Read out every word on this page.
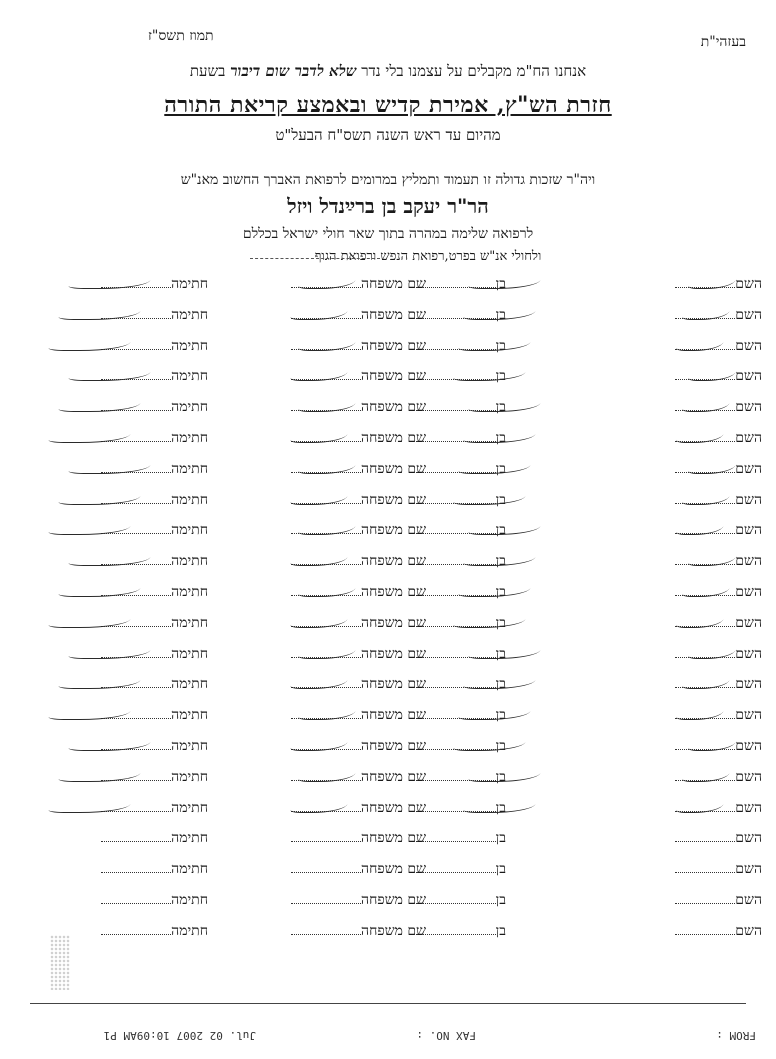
תמוז תשס"ז	בעזהי"ת
אנחנו הח"מ מקבלים על עצמנו בלי נדר שלא לדבר שום דיבור בשעת
חזרת הש"ץ, אמירת קדיש ובאמצע קריאת התורה
מהיום עד ראש השנה תשס"ח הבעל"ט
ויה"ר שזכות גדולה זו תעמוד ותמליץ במרומים לרפואת האברך החשוב מאנ"ש
הר"ר יעקב בן ברײַנדל ויזל
לרפואה שלימה במהרה בתוך שאר חולי ישראל בכללם
ולחולי אנ"ש בפרט,רפואת הנפש ורפואת הגוף
השם
בן
שם משפחה
חתימה
השם
בן
שם משפחה
חתימה
השם
בן
שם משפחה
חתימה
השם
בן
שם משפחה
חתימה
השם
בן
שם משפחה
חתימה
השם
בן
שם משפחה
חתימה
השם
בן
שם משפחה
חתימה
השם
בן
שם משפחה
חתימה
השם
בן
שם משפחה
חתימה
השם
בן
שם משפחה
חתימה
השם
בן
שם משפחה
חתימה
השם
בן
שם משפחה
חתימה
השם
בן
שם משפחה
חתימה
השם
בן
שם משפחה
חתימה
השם
בן
שם משפחה
חתימה
השם
בן
שם משפחה
חתימה
השם
בן
שם משפחה
חתימה
השם
בן
שם משפחה
חתימה
השם
בן
שם משפחה
חתימה
השם
בן
שם משפחה
חתימה
השם
בן
שם משפחה
חתימה
השם
בן
שם משפחה
חתימה
FROM :
FAX NO. :
Jul. 02 2007 10:09AM P1
